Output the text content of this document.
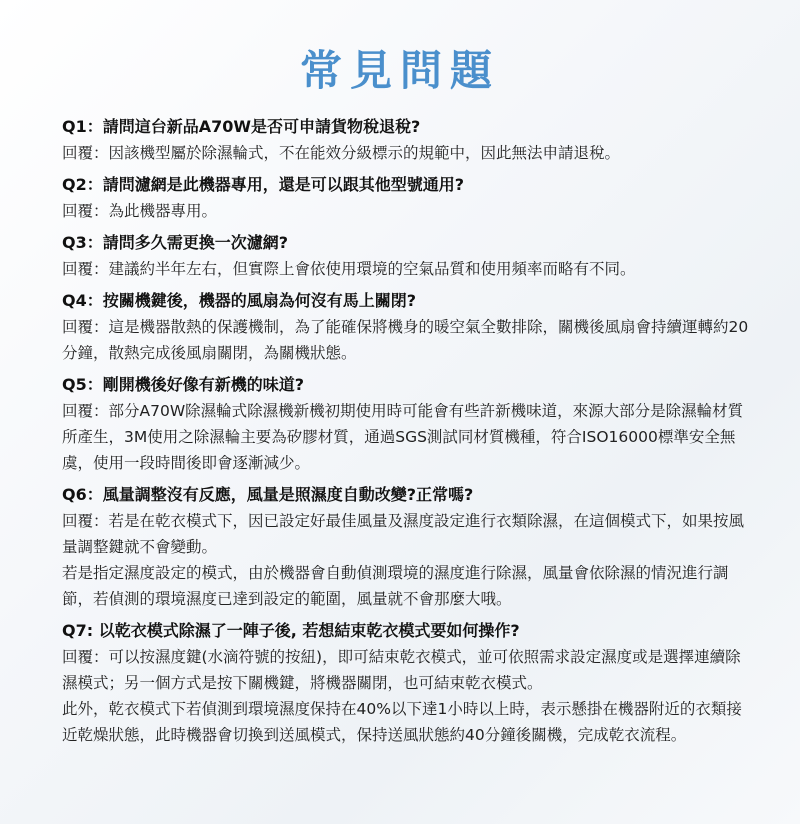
常見問題
Q1：請問這台新品A70W是否可申請貨物稅退稅?
回覆：因該機型屬於除濕輪式，不在能效分級標示的規範中，因此無法申請退稅。
Q2：請問濾網是此機器專用，還是可以跟其他型號通用?
回覆：為此機器專用。
Q3：請問多久需更換一次濾網?
回覆：建議約半年左右，但實際上會依使用環境的空氣品質和使用頻率而略有不同。
Q4：按關機鍵後，機器的風扇為何沒有馬上關閉?
回覆：這是機器散熱的保護機制，為了能確保將機身的暖空氣全數排除，關機後風扇會持續運轉約20分鐘，散熱完成後風扇關閉，為關機狀態。
Q5：剛開機後好像有新機的味道?
回覆：部分A70W除濕輪式除濕機新機初期使用時可能會有些許新機味道，來源大部分是除濕輪材質所產生，3M使用之除濕輪主要為矽膠材質，通過SGS測試同材質機種，符合ISO16000標準安全無虞，使用一段時間後即會逐漸減少。
Q6：風量調整沒有反應，風量是照濕度自動改變?正常嗎?
回覆：若是在乾衣模式下，因已設定好最佳風量及濕度設定進行衣類除濕，在這個模式下，如果按風量調整鍵就不會變動。
若是指定濕度設定的模式，由於機器會自動偵測環境的濕度進行除濕，風量會依除濕的情況進行調節，若偵測的環境濕度已達到設定的範圍，風量就不會那麼大哦。
Q7: 以乾衣模式除濕了一陣子後, 若想結束乾衣模式要如何操作?
回覆：可以按濕度鍵(水滴符號的按紐)，即可結束乾衣模式，並可依照需求設定濕度或是選擇連續除濕模式；另一個方式是按下關機鍵，將機器關閉，也可結束乾衣模式。
此外，乾衣模式下若偵測到環境濕度保持在40%以下達1小時以上時，表示懸掛在機器附近的衣類接近乾燥狀態，此時機器會切換到送風模式，保持送風狀態約40分鐘後關機，完成乾衣流程。
